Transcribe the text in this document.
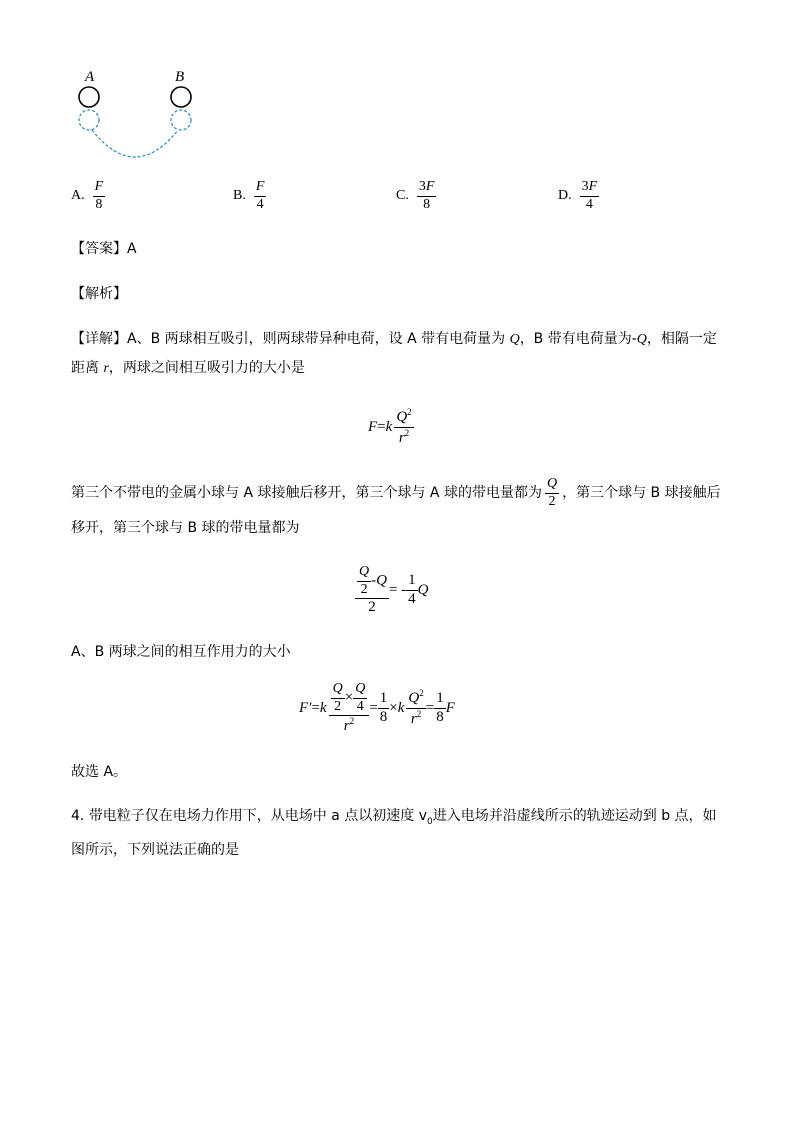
A	B
A. $\frac{F}{8}$	B. $\frac{F}{4}$	C. $\frac{3F}{8}$	D. $\frac{3F}{4}$
【答案】A
【解析】
【详解】A、B 两球相互吸引，则两球带异种电荷，设 A 带有电荷量为 Q，B 带有电荷量为-Q，相隔一定距离 r，两球之间相互吸引力的大小是
F = k $\frac{Q^2}{r^2}$
第三个不带电的金属小球与 A 球接触后移开，第三个球与 A 球的带电量都为 $\frac{Q}{2}$ ，第三个球与 B 球接触后移开，第三个球与 B 球的带电量都为
$\frac{\frac{Q}{2} -Q}{2}$ = - $\frac{1}{4}$ Q
A、B 两球之间的相互作用力的大小
F′ = k $\frac{\frac{Q}{2} \times \frac{Q}{4}}{r^2} = \frac{1}{8} \times k \frac{Q^2}{r^2} = \frac{1}{8}$ F
故选 A。
4. 带电粒子仅在电场力作用下，从电场中 a 点以初速度 $v_0$进入电场并沿虚线所示的轨迹运动到 b 点，如图所示，下列说法正确的是
